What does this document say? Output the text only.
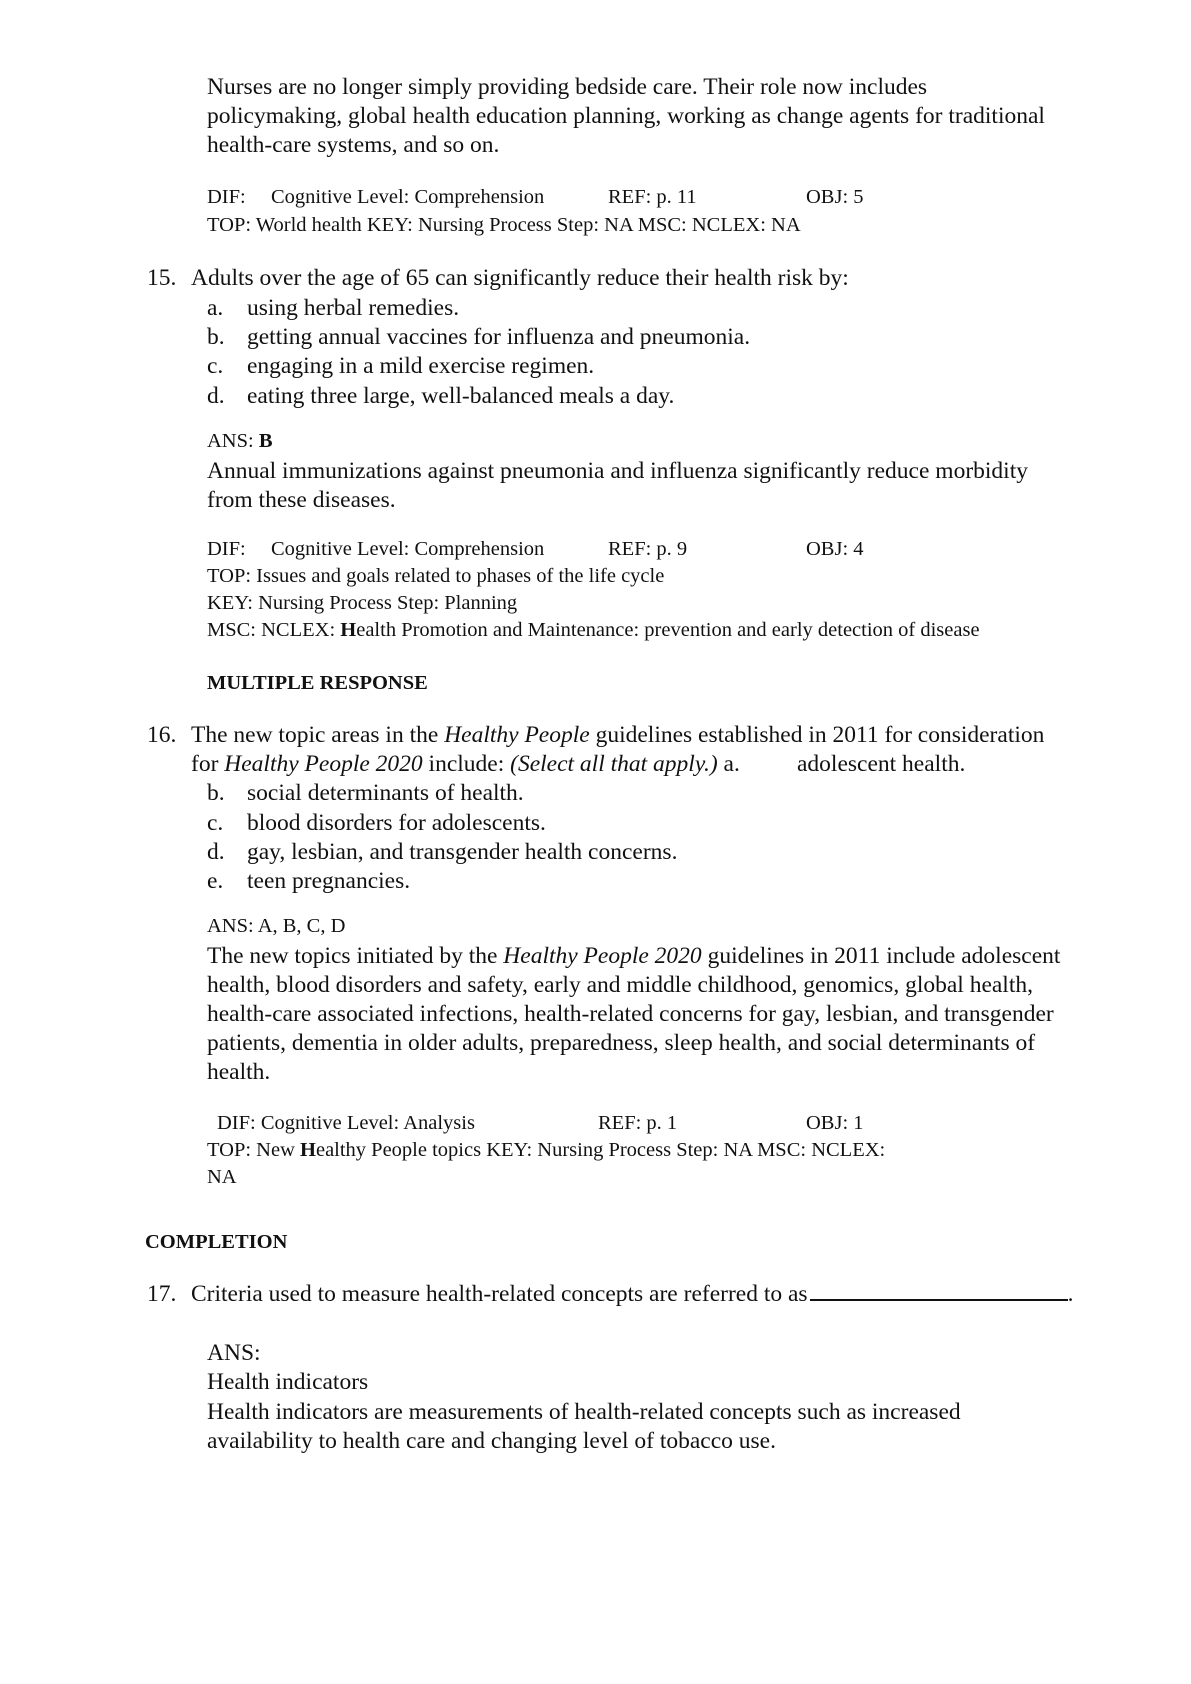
Nurses are no longer simply providing bedside care. Their role now includes
policymaking, global health education planning, working as change agents for traditional
health-care systems, and so on.
DIF: Cognitive Level: Comprehension	REF: p. 11	OBJ: 5
TOP: World health KEY: Nursing Process Step: NA MSC: NCLEX: NA
15. Adults over the age of 65 can significantly reduce their health risk by:
a. using herbal remedies.
b. getting annual vaccines for influenza and pneumonia.
c. engaging in a mild exercise regimen.
d. eating three large, well-balanced meals a day.
ANS: B
Annual immunizations against pneumonia and influenza significantly reduce morbidity
from these diseases.
DIF: Cognitive Level: Comprehension	REF: p. 9	OBJ: 4
TOP: Issues and goals related to phases of the life cycle
KEY: Nursing Process Step: Planning
MSC: NCLEX: Health Promotion and Maintenance: prevention and early detection of disease
MULTIPLE RESPONSE
16. The new topic areas in the Healthy People guidelines established in 2011 for consideration
for Healthy People 2020 include: (Select all that apply.) a. adolescent health.
b. social determinants of health.
c. blood disorders for adolescents.
d. gay, lesbian, and transgender health concerns.
e. teen pregnancies.
ANS: A, B, C, D
The new topics initiated by the Healthy People 2020 guidelines in 2011 include adolescent
health, blood disorders and safety, early and middle childhood, genomics, global health,
health-care associated infections, health-related concerns for gay, lesbian, and transgender
patients, dementia in older adults, preparedness, sleep health, and social determinants of
health.
DIF: Cognitive Level: Analysis	REF: p. 1	OBJ: 1
TOP: New Healthy People topics KEY: Nursing Process Step: NA MSC: NCLEX:
NA
COMPLETION
17. Criteria used to measure health-related concepts are referred to as	.
ANS:
Health indicators
Health indicators are measurements of health-related concepts such as increased
availability to health care and changing level of tobacco use.
